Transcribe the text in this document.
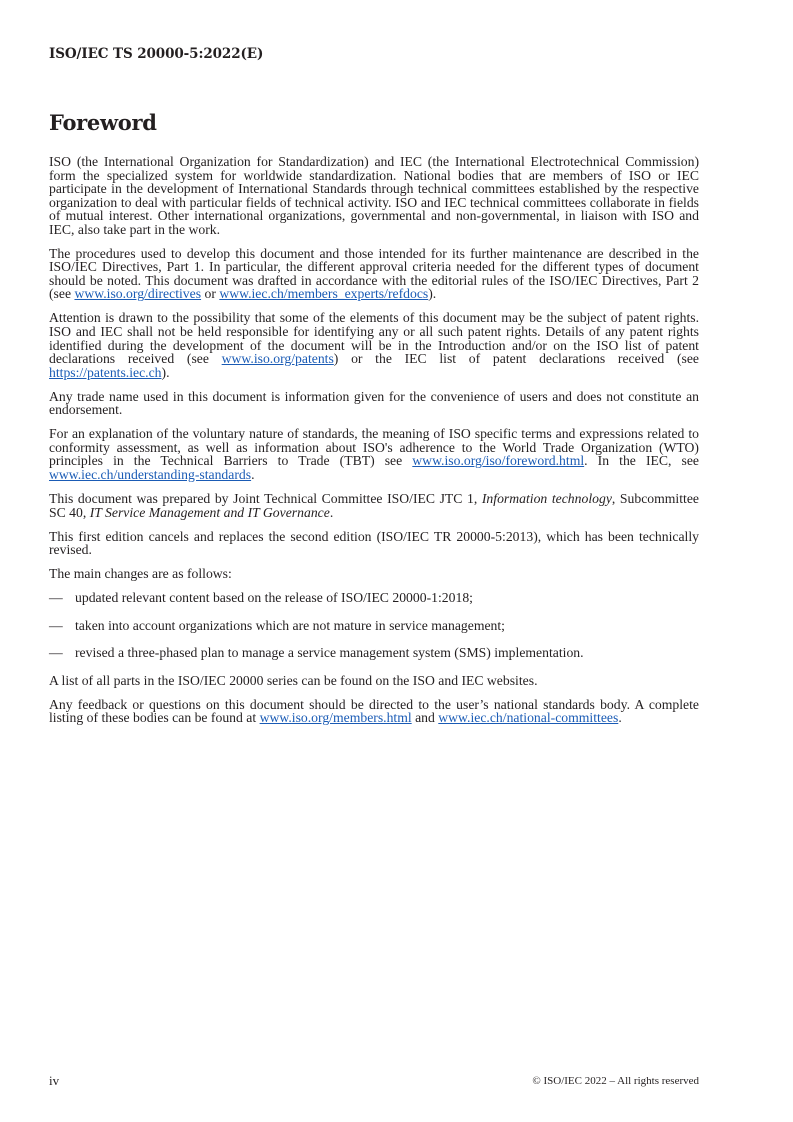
ISO/IEC TS 20000-5:2022(E)
Foreword

ISO (the International Organization for Standardization) and IEC (the International Electrotechnical Commission) form the specialized system for worldwide standardization. National bodies that are members of ISO or IEC participate in the development of International Standards through technical committees established by the respective organization to deal with particular fields of technical activity. ISO and IEC technical committees collaborate in fields of mutual interest. Other international organizations, governmental and non-governmental, in liaison with ISO and IEC, also take part in the work.

The procedures used to develop this document and those intended for its further maintenance are described in the ISO/IEC Directives, Part 1. In particular, the different approval criteria needed for the different types of document should be noted. This document was drafted in accordance with the editorial rules of the ISO/IEC Directives, Part 2 (see www.iso.org/directives or www.iec.ch/members_experts/refdocs).

Attention is drawn to the possibility that some of the elements of this document may be the subject of patent rights. ISO and IEC shall not be held responsible for identifying any or all such patent rights. Details of any patent rights identified during the development of the document will be in the Introduction and/or on the ISO list of patent declarations received (see www.iso.org/patents) or the IEC list of patent declarations received (see https://patents.iec.ch).

Any trade name used in this document is information given for the convenience of users and does not constitute an endorsement.

For an explanation of the voluntary nature of standards, the meaning of ISO specific terms and expressions related to conformity assessment, as well as information about ISO's adherence to the World Trade Organization (WTO) principles in the Technical Barriers to Trade (TBT) see www.iso.org/iso/foreword.html. In the IEC, see www.iec.ch/understanding-standards.

This document was prepared by Joint Technical Committee ISO/IEC JTC 1, Information technology, Subcommittee SC 40, IT Service Management and IT Governance.

This first edition cancels and replaces the second edition (ISO/IEC TR 20000-5:2013), which has been technically revised.

The main changes are as follows:

— updated relevant content based on the release of ISO/IEC 20000-1:2018;
— taken into account organizations which are not mature in service management;
— revised a three-phased plan to manage a service management system (SMS) implementation.

A list of all parts in the ISO/IEC 20000 series can be found on the ISO and IEC websites.

Any feedback or questions on this document should be directed to the user’s national standards body. A complete listing of these bodies can be found at www.iso.org/members.html and www.iec.ch/national-committees.

iv	© ISO/IEC 2022 – All rights reserved
